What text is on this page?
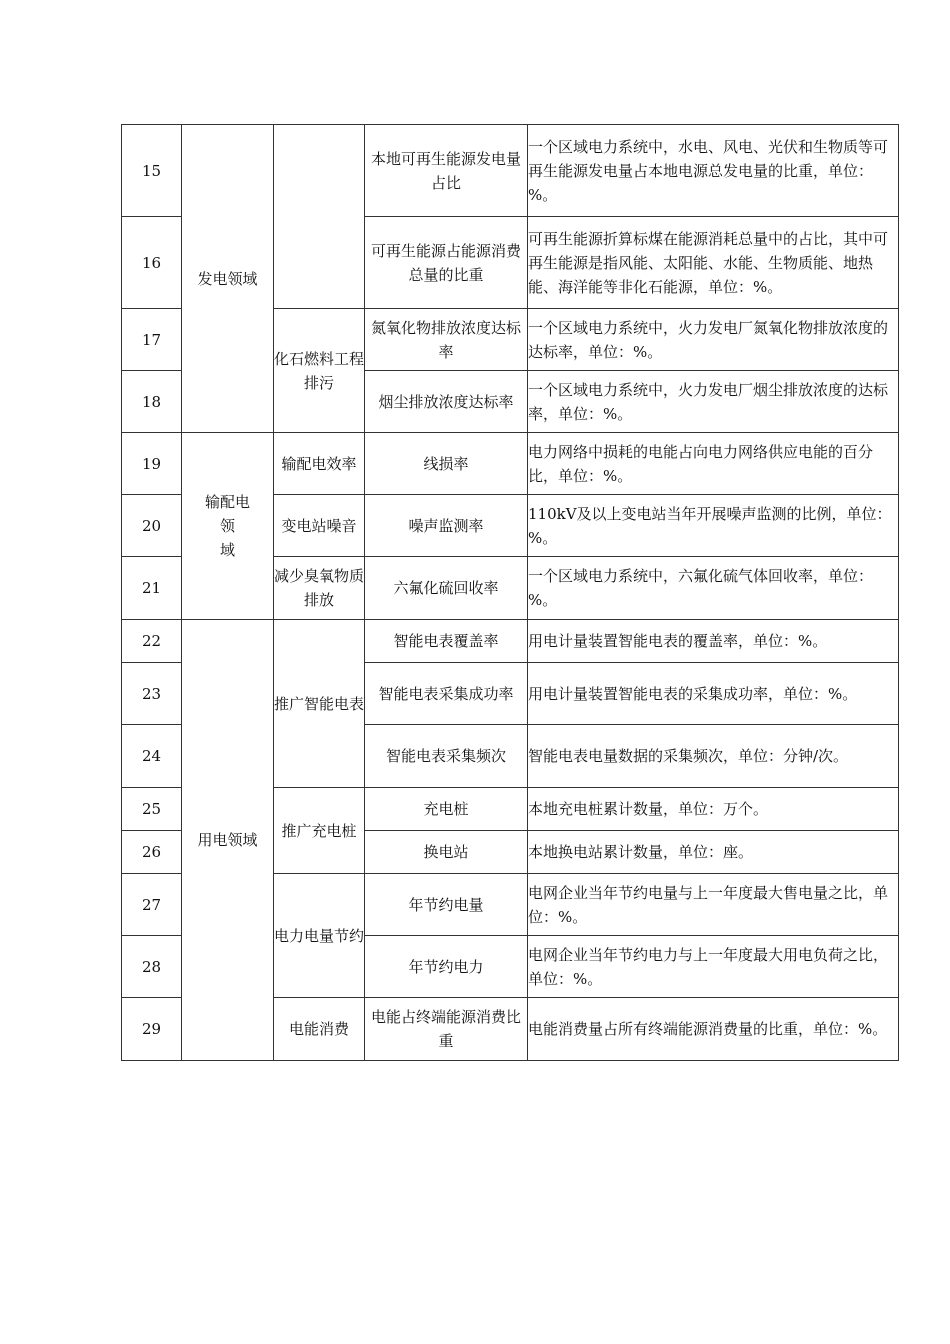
15	发电领域		本地可再生能源发电量占比	一个区域电力系统中，水电、风电、光伏和生物质等可再生能源发电量占本地电源总发电量的比重，单位：%。
16			可再生能源占能源消费总量的比重	可再生能源折算标煤在能源消耗总量中的占比，其中可再生能源是指风能、太阳能、水能、生物质能、地热能、海洋能等非化石能源，单位：%。
17		化石燃料工程排污	氮氧化物排放浓度达标率	一个区域电力系统中，火力发电厂氮氧化物排放浓度的达标率，单位：%。
18			烟尘排放浓度达标率	一个区域电力系统中，火力发电厂烟尘排放浓度的达标率，单位：%。
19	输配电
领
域	输配电效率	线损率	电力网络中损耗的电能占向电力网络供应电能的百分比，单位：%。
20		变电站噪音	噪声监测率	110kV及以上变电站当年开展噪声监测的比例，单位：%。
21		减少臭氧物质排放	六氟化硫回收率	一个区域电力系统中，六氟化硫气体回收率，单位：%。
22	用电领域	推广智能电表	智能电表覆盖率	用电计量装置智能电表的覆盖率，单位：%。
23			智能电表采集成功率	用电计量装置智能电表的采集成功率，单位：%。
24			智能电表采集频次	智能电表电量数据的采集频次，单位：分钟/次。
25		推广充电桩	充电桩	本地充电桩累计数量，单位：万个。
26			换电站	本地换电站累计数量，单位：座。
27		电力电量节约	年节约电量	电网企业当年节约电量与上一年度最大售电量之比，单位：%。
28			年节约电力	电网企业当年节约电力与上一年度最大用电负荷之比，单位：%。
29		电能消费	电能占终端能源消费比重	电能消费量占所有终端能源消费量的比重，单位：%。
